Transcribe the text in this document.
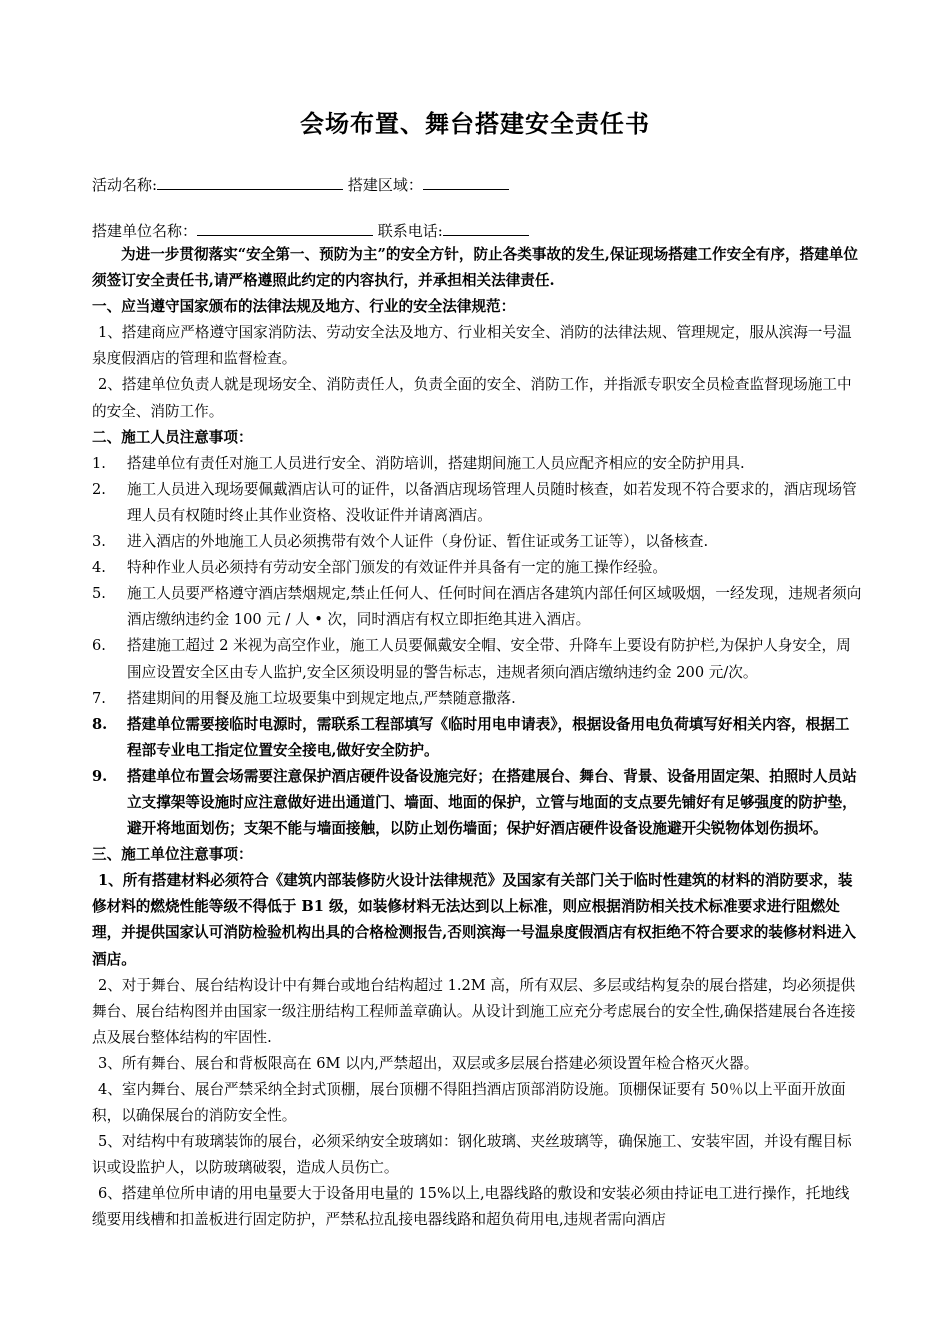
会场布置、舞台搭建安全责任书
活动名称:	搭建区域：
搭建单位名称：	联系电话:

为进一步贯彻落实“安全第一、预防为主”的安全方针，防止各类事故的发生,保证现场搭建工作安全有序，搭建单位须签订安全责任书,请严格遵照此约定的内容执行，并承担相关法律责任.

一、应当遵守国家颁布的法律法规及地方、行业的安全法律规范：

1、搭建商应严格遵守国家消防法、劳动安全法及地方、行业相关安全、消防的法律法规、管理规定，服从滨海一号温泉度假酒店的管理和监督检查。

2、搭建单位负责人就是现场安全、消防责任人，负责全面的安全、消防工作，并指派专职安全员检查监督现场施工中的安全、消防工作。

二、施工人员注意事项：

1. 搭建单位有责任对施工人员进行安全、消防培训，搭建期间施工人员应配齐相应的安全防护用具.
2. 施工人员进入现场要佩戴酒店认可的证件，以备酒店现场管理人员随时核查，如若发现不符合要求的，酒店现场管理人员有权随时终止其作业资格、没收证件并请离酒店。
3. 进入酒店的外地施工人员必须携带有效个人证件（身份证、暂住证或务工证等），以备核查.
4. 特种作业人员必须持有劳动安全部门颁发的有效证件并具备有一定的施工操作经验。
5. 施工人员要严格遵守酒店禁烟规定,禁止任何人、任何时间在酒店各建筑内部任何区域吸烟，一经发现，违规者须向酒店缴纳违约金 100 元 / 人 • 次，同时酒店有权立即拒绝其进入酒店。
6. 搭建施工超过 2 米视为高空作业，施工人员要佩戴安全帽、安全带、升降车上要设有防护栏,为保护人身安全，周围应设置安全区由专人监护,安全区须设明显的警告标志，违规者须向酒店缴纳违约金 200 元/次。
7. 搭建期间的用餐及施工垃圾要集中到规定地点,严禁随意撒落.
8. 搭建单位需要接临时电源时，需联系工程部填写《临时用电申请表》，根据设备用电负荷填写好相关内容，根据工程部专业电工指定位置安全接电,做好安全防护。
9. 搭建单位布置会场需要注意保护酒店硬件设备设施完好；在搭建展台、舞台、背景、设备用固定架、拍照时人员站立支撑架等设施时应注意做好进出通道门、墙面、地面的保护，立管与地面的支点要先铺好有足够强度的防护垫，避开将地面划伤；支架不能与墙面接触，以防止划伤墙面；保护好酒店硬件设备设施避开尖锐物体划伤损坏。

三、施工单位注意事项：

1、所有搭建材料必须符合《建筑内部装修防火设计法律规范》及国家有关部门关于临时性建筑的材料的消防要求，装修材料的燃烧性能等级不得低于 B1 级，如装修材料无法达到以上标准，则应根据消防相关技术标准要求进行阻燃处理，并提供国家认可消防检验机构出具的合格检测报告,否则滨海一号温泉度假酒店有权拒绝不符合要求的装修材料进入酒店。

2、对于舞台、展台结构设计中有舞台或地台结构超过 1.2M 高，所有双层、多层或结构复杂的展台搭建，均必须提供舞台、展台结构图并由国家一级注册结构工程师盖章确认。从设计到施工应充分考虑展台的安全性,确保搭建展台各连接点及展台整体结构的牢固性.

3、所有舞台、展台和背板限高在 6M 以内,严禁超出，双层或多层展台搭建必须设置年检合格灭火器。

4、室内舞台、展台严禁采纳全封式顶棚，展台顶棚不得阻挡酒店顶部消防设施。顶棚保证要有 50％以上平面开放面积，以确保展台的消防安全性。

5、对结构中有玻璃装饰的展台，必须采纳安全玻璃如：钢化玻璃、夹丝玻璃等，确保施工、安装牢固，并设有醒目标识或设监护人，以防玻璃破裂，造成人员伤亡。

6、搭建单位所申请的用电量要大于设备用电量的 15%以上,电器线路的敷设和安装必须由持证电工进行操作，托地线缆要用线槽和扣盖板进行固定防护，严禁私拉乱接电器线路和超负荷用电,违规者需向酒店
